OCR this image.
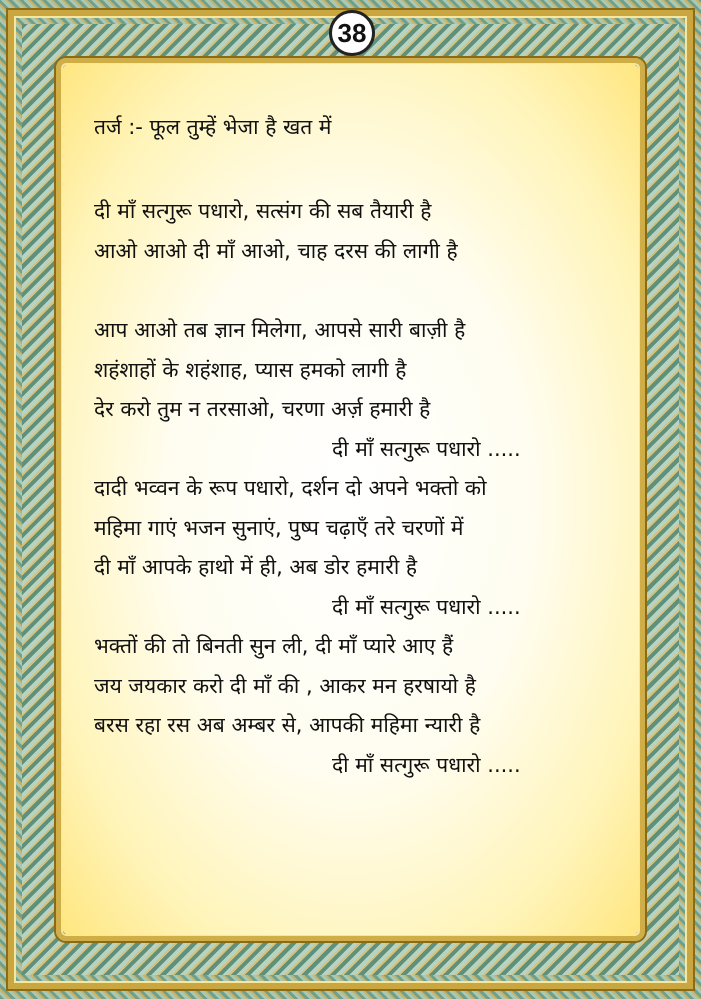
38

तर्ज :- फूल तुम्हें भेजा है खत में

दी माँ सत्गुरू पधारो, सत्संग की सब तैयारी है

आओ आओ दी माँ आओ, चाह दरस की लागी है

आप आओ तब ज्ञान मिलेगा, आपसे सारी बाज़ी है

शहंशाहों के शहंशाह, प्यास हमको लागी है

देर करो तुम न तरसाओ, चरणा अर्ज़ हमारी है

दी माँ सत्गुरू पधारो .....

दादी भव्वन के रूप पधारो, दर्शन दो अपने भक्तो को

महिमा गाएं भजन सुनाएं, पुष्प चढ़ाएँ तरे चरणों में

दी माँ आपके हाथो में ही, अब डोर हमारी है

दी माँ सत्गुरू पधारो .....

भक्तों की तो बिनती सुन ली, दी माँ प्यारे आए हैं

जय जयकार करो दी माँ की , आकर मन हरषायो है

बरस रहा रस अब अम्बर से, आपकी महिमा न्यारी है

दी माँ सत्गुरू पधारो .....
